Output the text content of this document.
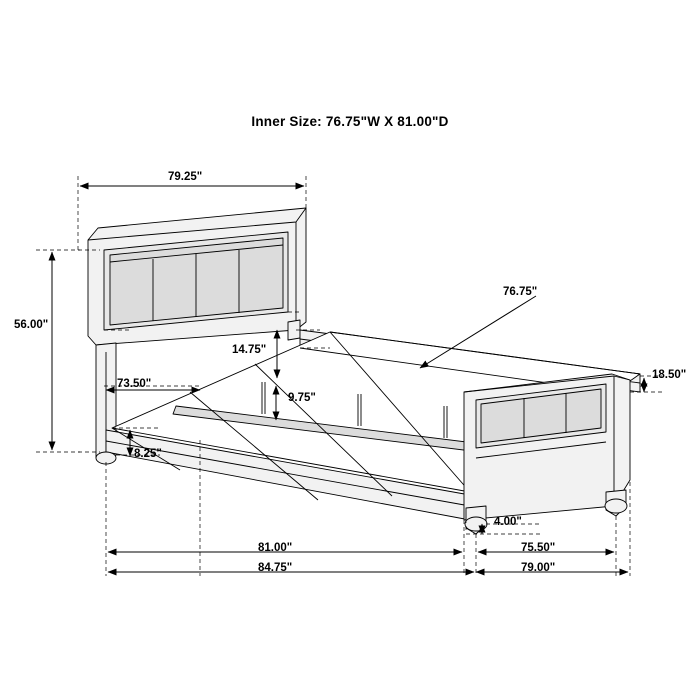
Inner Size: 76.75"W X 81.00"D
79.25"
56.00"
73.50"
14.75"
9.75"
8.25"
76.75"
18.50"
4.00"
81.00"
84.75"
75.50"
79.00"
